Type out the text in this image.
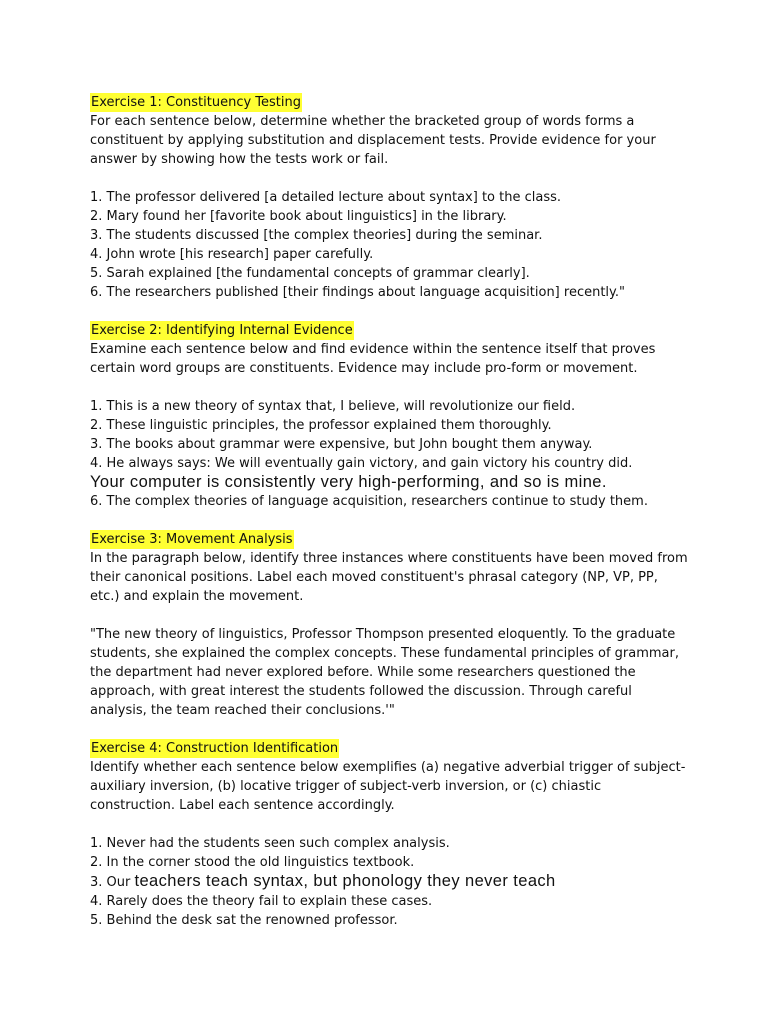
Exercise 1: Constituency Testing

For each sentence below, determine whether the bracketed group of words forms a constituent by applying substitution and displacement tests. Provide evidence for your answer by showing how the tests work or fail.

1. The professor delivered [a detailed lecture about syntax] to the class.

2. Mary found her [favorite book about linguistics] in the library.

3. The students discussed [the complex theories] during the seminar.

4. John wrote [his research] paper carefully.

5. Sarah explained [the fundamental concepts of grammar clearly].

6. The researchers published [their findings about language acquisition] recently."

Exercise 2: Identifying Internal Evidence

Examine each sentence below and find evidence within the sentence itself that proves certain word groups are constituents. Evidence may include pro-form or movement.

1. This is a new theory of syntax that, I believe, will revolutionize our field.

2. These linguistic principles, the professor explained them thoroughly.

3. The books about grammar were expensive, but John bought them anyway.

4. He always says: We will eventually gain victory, and gain victory his country did.

Your computer is consistently very high-performing, and so is mine.

6. The complex theories of language acquisition, researchers continue to study them.

Exercise 3: Movement Analysis

In the paragraph below, identify three instances where constituents have been moved from their canonical positions. Label each moved constituent's phrasal category (NP, VP, PP, etc.) and explain the movement.

"The new theory of linguistics, Professor Thompson presented eloquently. To the graduate students, she explained the complex concepts. These fundamental principles of grammar, the department had never explored before. While some researchers questioned the approach, with great interest the students followed the discussion. Through careful analysis, the team reached their conclusions.'"

Exercise 4: Construction Identification

Identify whether each sentence below exemplifies (a) negative adverbial trigger of subject-auxiliary inversion, (b) locative trigger of subject-verb inversion, or (c) chiastic construction. Label each sentence accordingly.

1. Never had the students seen such complex analysis.

2. In the corner stood the old linguistics textbook.

3. Our teachers teach syntax, but phonology they never teach

4. Rarely does the theory fail to explain these cases.

5. Behind the desk sat the renowned professor.
